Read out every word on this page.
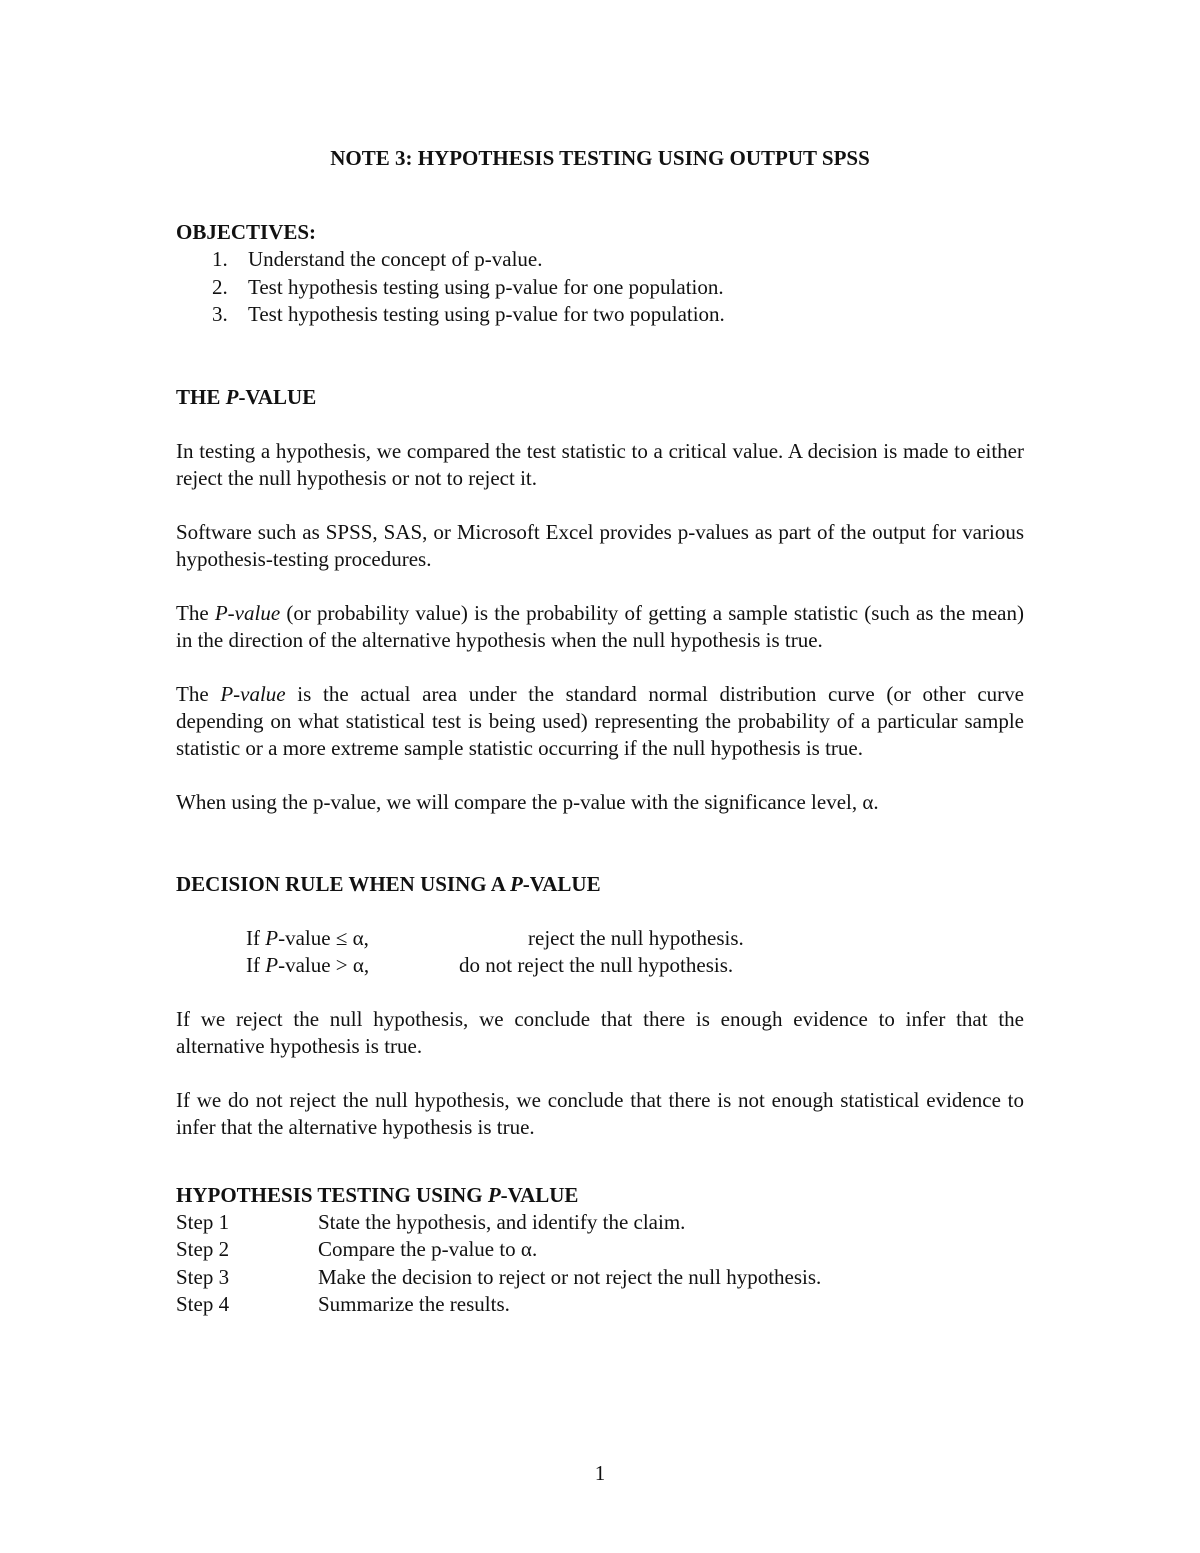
NOTE 3: HYPOTHESIS TESTING USING OUTPUT SPSS
OBJECTIVES:
1. Understand the concept of p-value.
2. Test hypothesis testing using p-value for one population.
3. Test hypothesis testing using p-value for two population.
THE P-VALUE

In testing a hypothesis, we compared the test statistic to a critical value. A decision is made to either reject the null hypothesis or not to reject it.

Software such as SPSS, SAS, or Microsoft Excel provides p-values as part of the output for various hypothesis-testing procedures.

The P-value (or probability value) is the probability of getting a sample statistic (such as the mean) in the direction of the alternative hypothesis when the null hypothesis is true.

The P-value is the actual area under the standard normal distribution curve (or other curve depending on what statistical test is being used) representing the probability of a particular sample statistic or a more extreme sample statistic occurring if the null hypothesis is true.

When using the p-value, we will compare the p-value with the significance level, α.

DECISION RULE WHEN USING A P-VALUE
If P-value ≤ α,	reject the null hypothesis.
If P-value > α,	do not reject the null hypothesis.

If we reject the null hypothesis, we conclude that there is enough evidence to infer that the alternative hypothesis is true.

If we do not reject the null hypothesis, we conclude that there is not enough statistical evidence to infer that the alternative hypothesis is true.

HYPOTHESIS TESTING USING P-VALUE
Step 1	State the hypothesis, and identify the claim.
Step 2	Compare the p-value to α.
Step 3	Make the decision to reject or not reject the null hypothesis.
Step 4	Summarize the results.
1
